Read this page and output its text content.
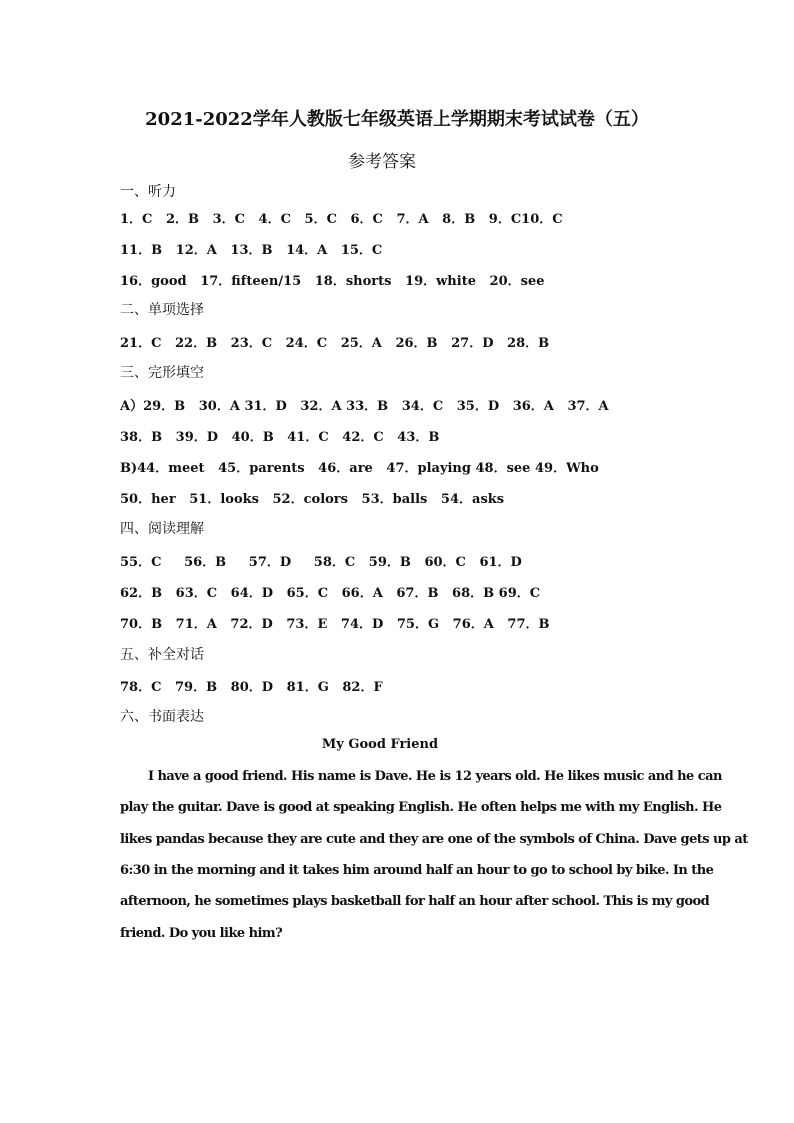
2021-2022学年人教版七年级英语上学期期末考试试卷（五）
参考答案
一、听力
1．C   2．B   3．C   4．C   5．C   6．C   7．A   8．B   9．C10．C
11．B   12．A   13．B   14．A   15．C
16．good   17．fifteen/15   18．shorts   19．white   20．see
二、单项选择
21．C   22．B   23．C   24．C   25．A   26．B   27．D   28．B
三、完形填空
A）29．B   30．A 31．D   32．A 33．B   34．C   35．D   36．A   37．A
38．B   39．D   40．B   41．C   42．C   43．B
B)44．meet   45．parents   46．are   47．playing 48．see 49．Who
50．her   51．looks   52．colors   53．balls   54．asks
四、阅读理解
55．C     56．B     57．D     58．C   59．B   60．C   61．D
62．B   63．C   64．D   65．C   66．A   67．B   68．B 69．C
70．B   71．A   72．D   73．E   74．D   75．G   76．A   77．B
五、补全对话
78．C   79．B   80．D   81．G   82．F
六、书面表达
My Good Friend
I have a good friend. His name is Dave. He is 12 years old. He likes music and he can
play the guitar. Dave is good at speaking English. He often helps me with my English. He
likes pandas because they are cute and they are one of the symbols of China. Dave gets up at
6:30 in the morning and it takes him around half an hour to go to school by bike. In the
afternoon, he sometimes plays basketball for half an hour after school. This is my good
friend. Do you like him?
